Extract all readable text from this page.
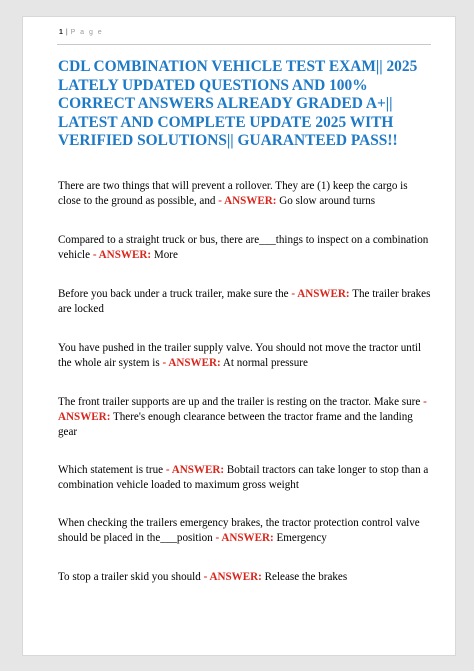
1 | P a g e
CDL COMBINATION VEHICLE TEST EXAM|| 2025 LATELY UPDATED QUESTIONS AND 100% CORRECT ANSWERS ALREADY GRADED A+|| LATEST AND COMPLETE UPDATE 2025 WITH VERIFIED SOLUTIONS|| GUARANTEED PASS!!

There are two things that will prevent a rollover. They are (1) keep the cargo is close to the ground as possible, and - ANSWER: Go slow around turns

Compared to a straight truck or bus, there are___things to inspect on a combination vehicle - ANSWER: More

Before you back under a truck trailer, make sure the - ANSWER: The trailer brakes are locked

You have pushed in the trailer supply valve. You should not move the tractor until the whole air system is - ANSWER: At normal pressure

The front trailer supports are up and the trailer is resting on the tractor. Make sure - ANSWER: There's enough clearance between the tractor frame and the landing gear

Which statement is true - ANSWER: Bobtail tractors can take longer to stop than a combination vehicle loaded to maximum gross weight

When checking the trailers emergency brakes, the tractor protection control valve should be placed in the___position - ANSWER: Emergency

To stop a trailer skid you should - ANSWER: Release the brakes
